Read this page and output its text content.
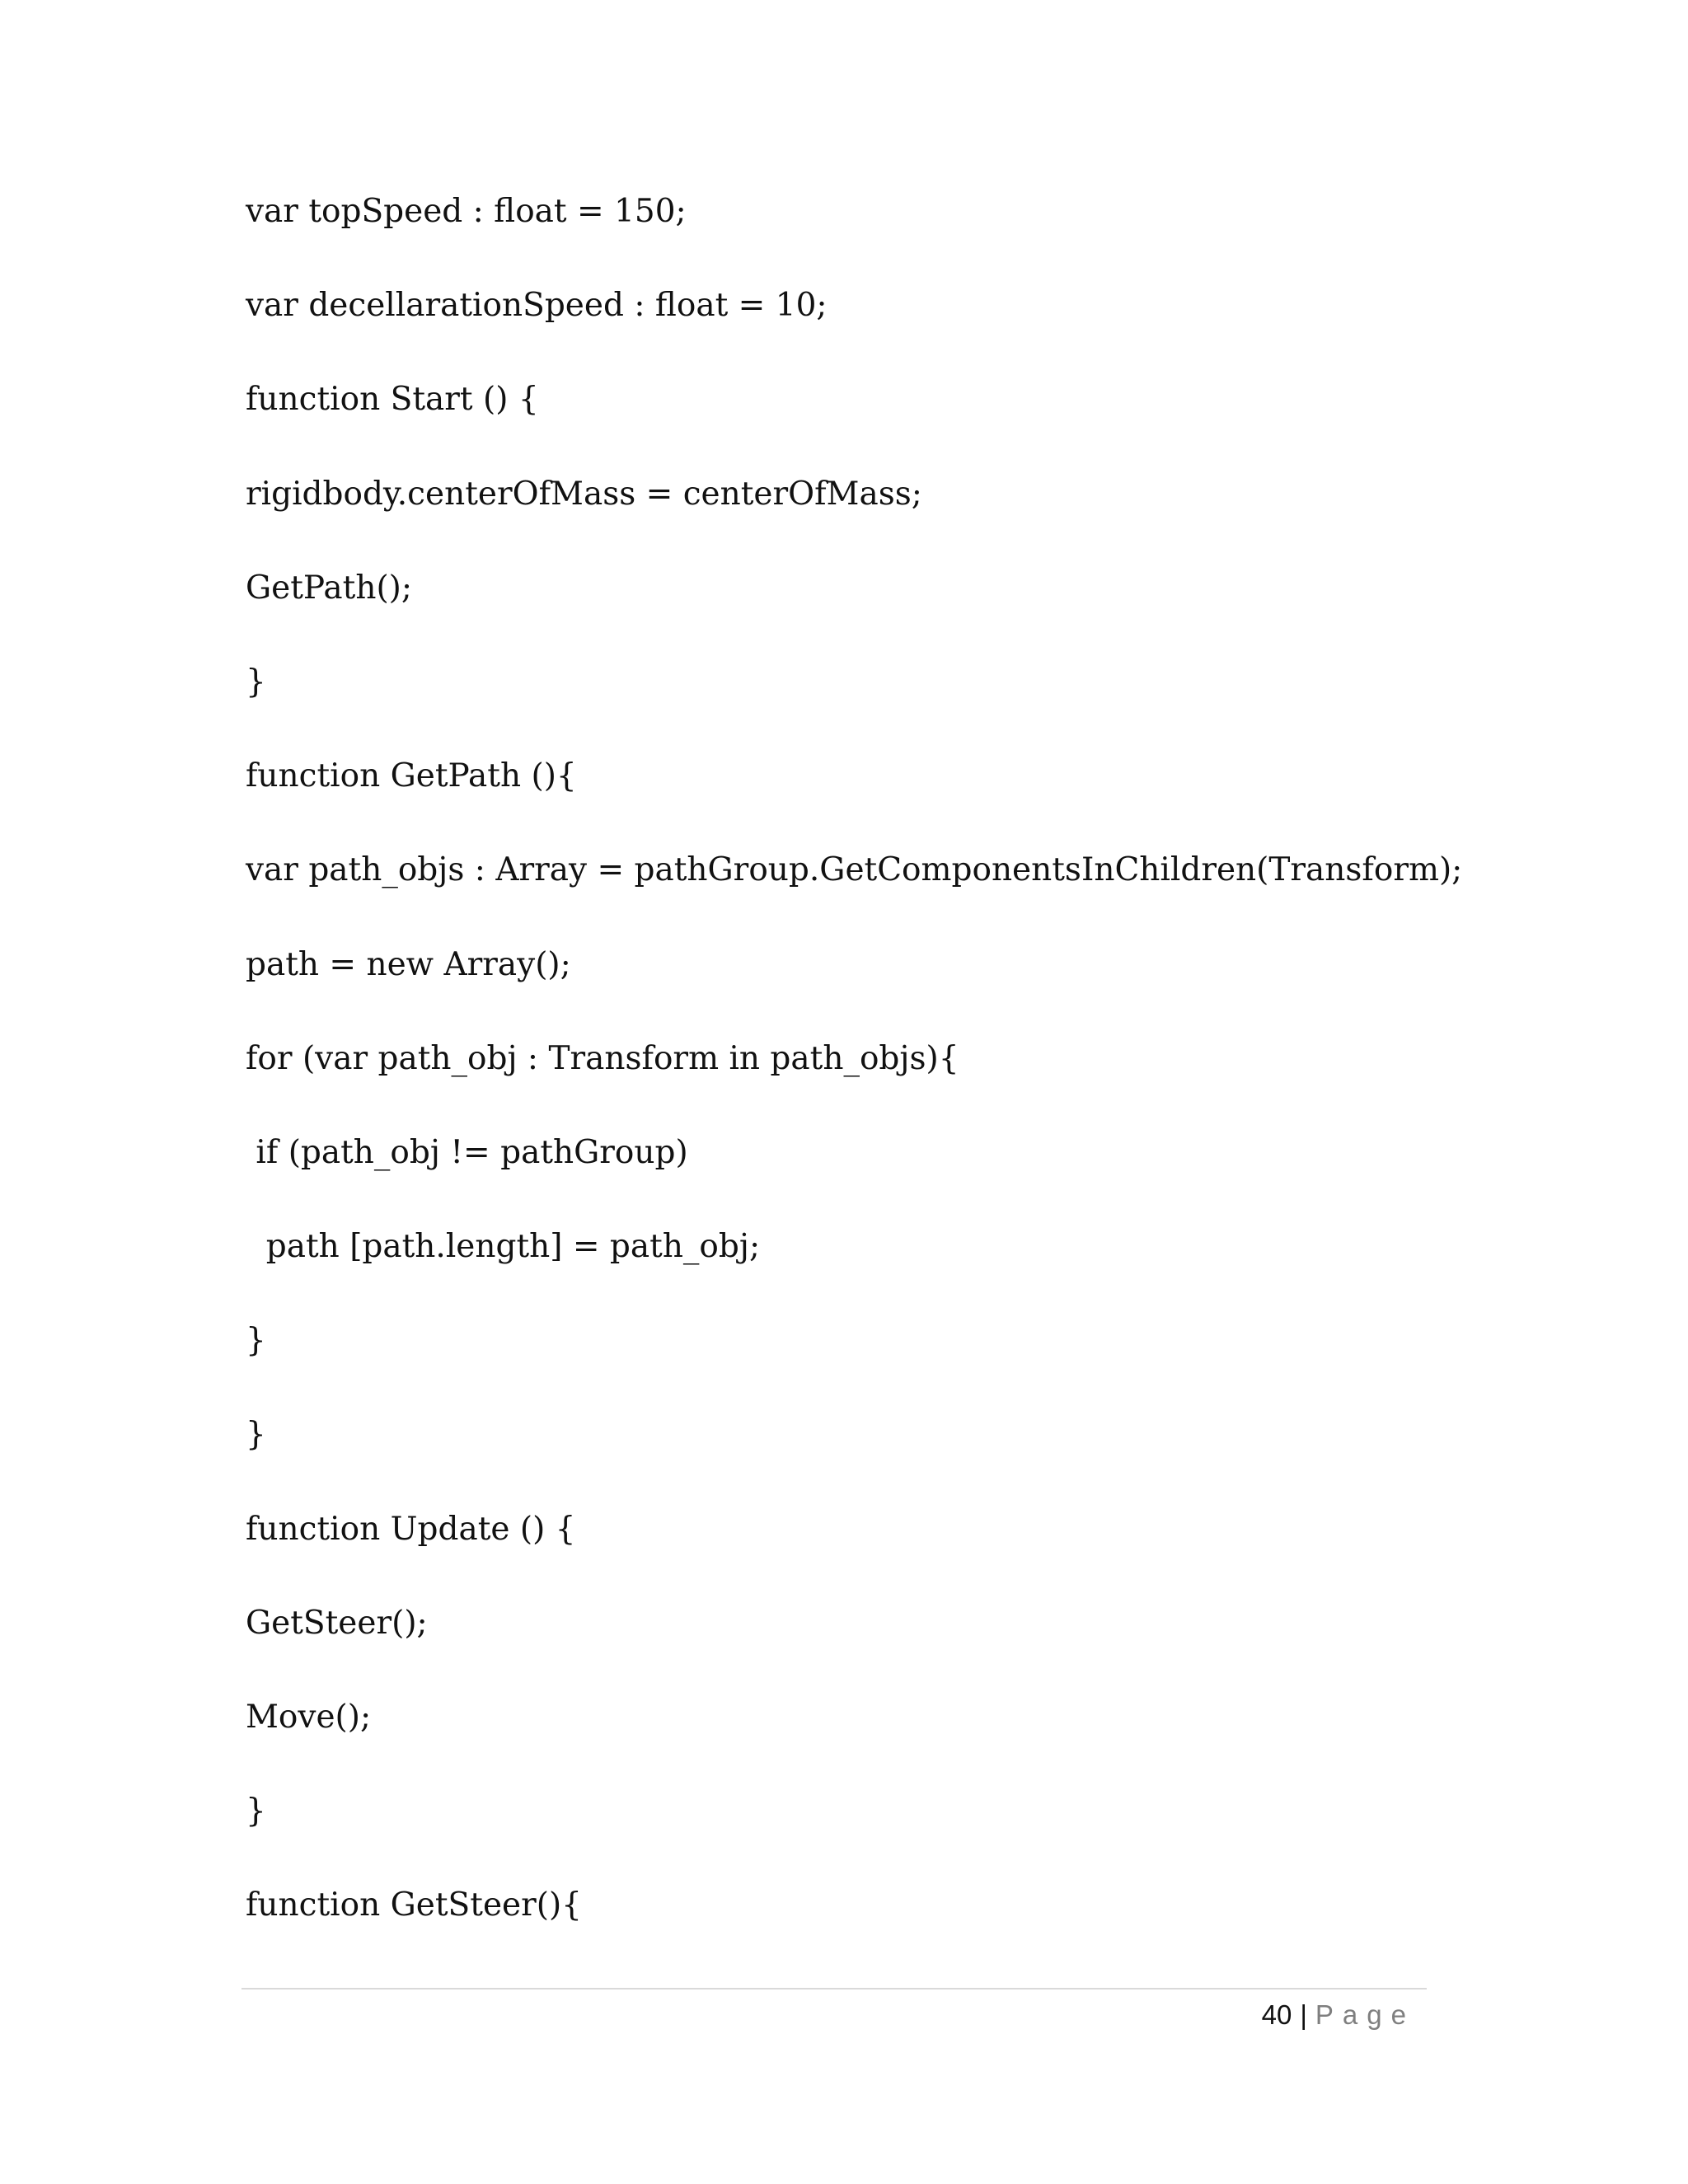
var topSpeed : float = 150;
var decellarationSpeed : float = 10;
function Start () {
rigidbody.centerOfMass = centerOfMass;
GetPath();
}
function GetPath (){
var path_objs : Array = pathGroup.GetComponentsInChildren(Transform);
path = new Array();
for (var path_obj : Transform in path_objs){
if (path_obj != pathGroup)
path [path.length] = path_obj;
}
}
function Update () {
GetSteer();
Move();
}
function GetSteer(){
40 | Page
